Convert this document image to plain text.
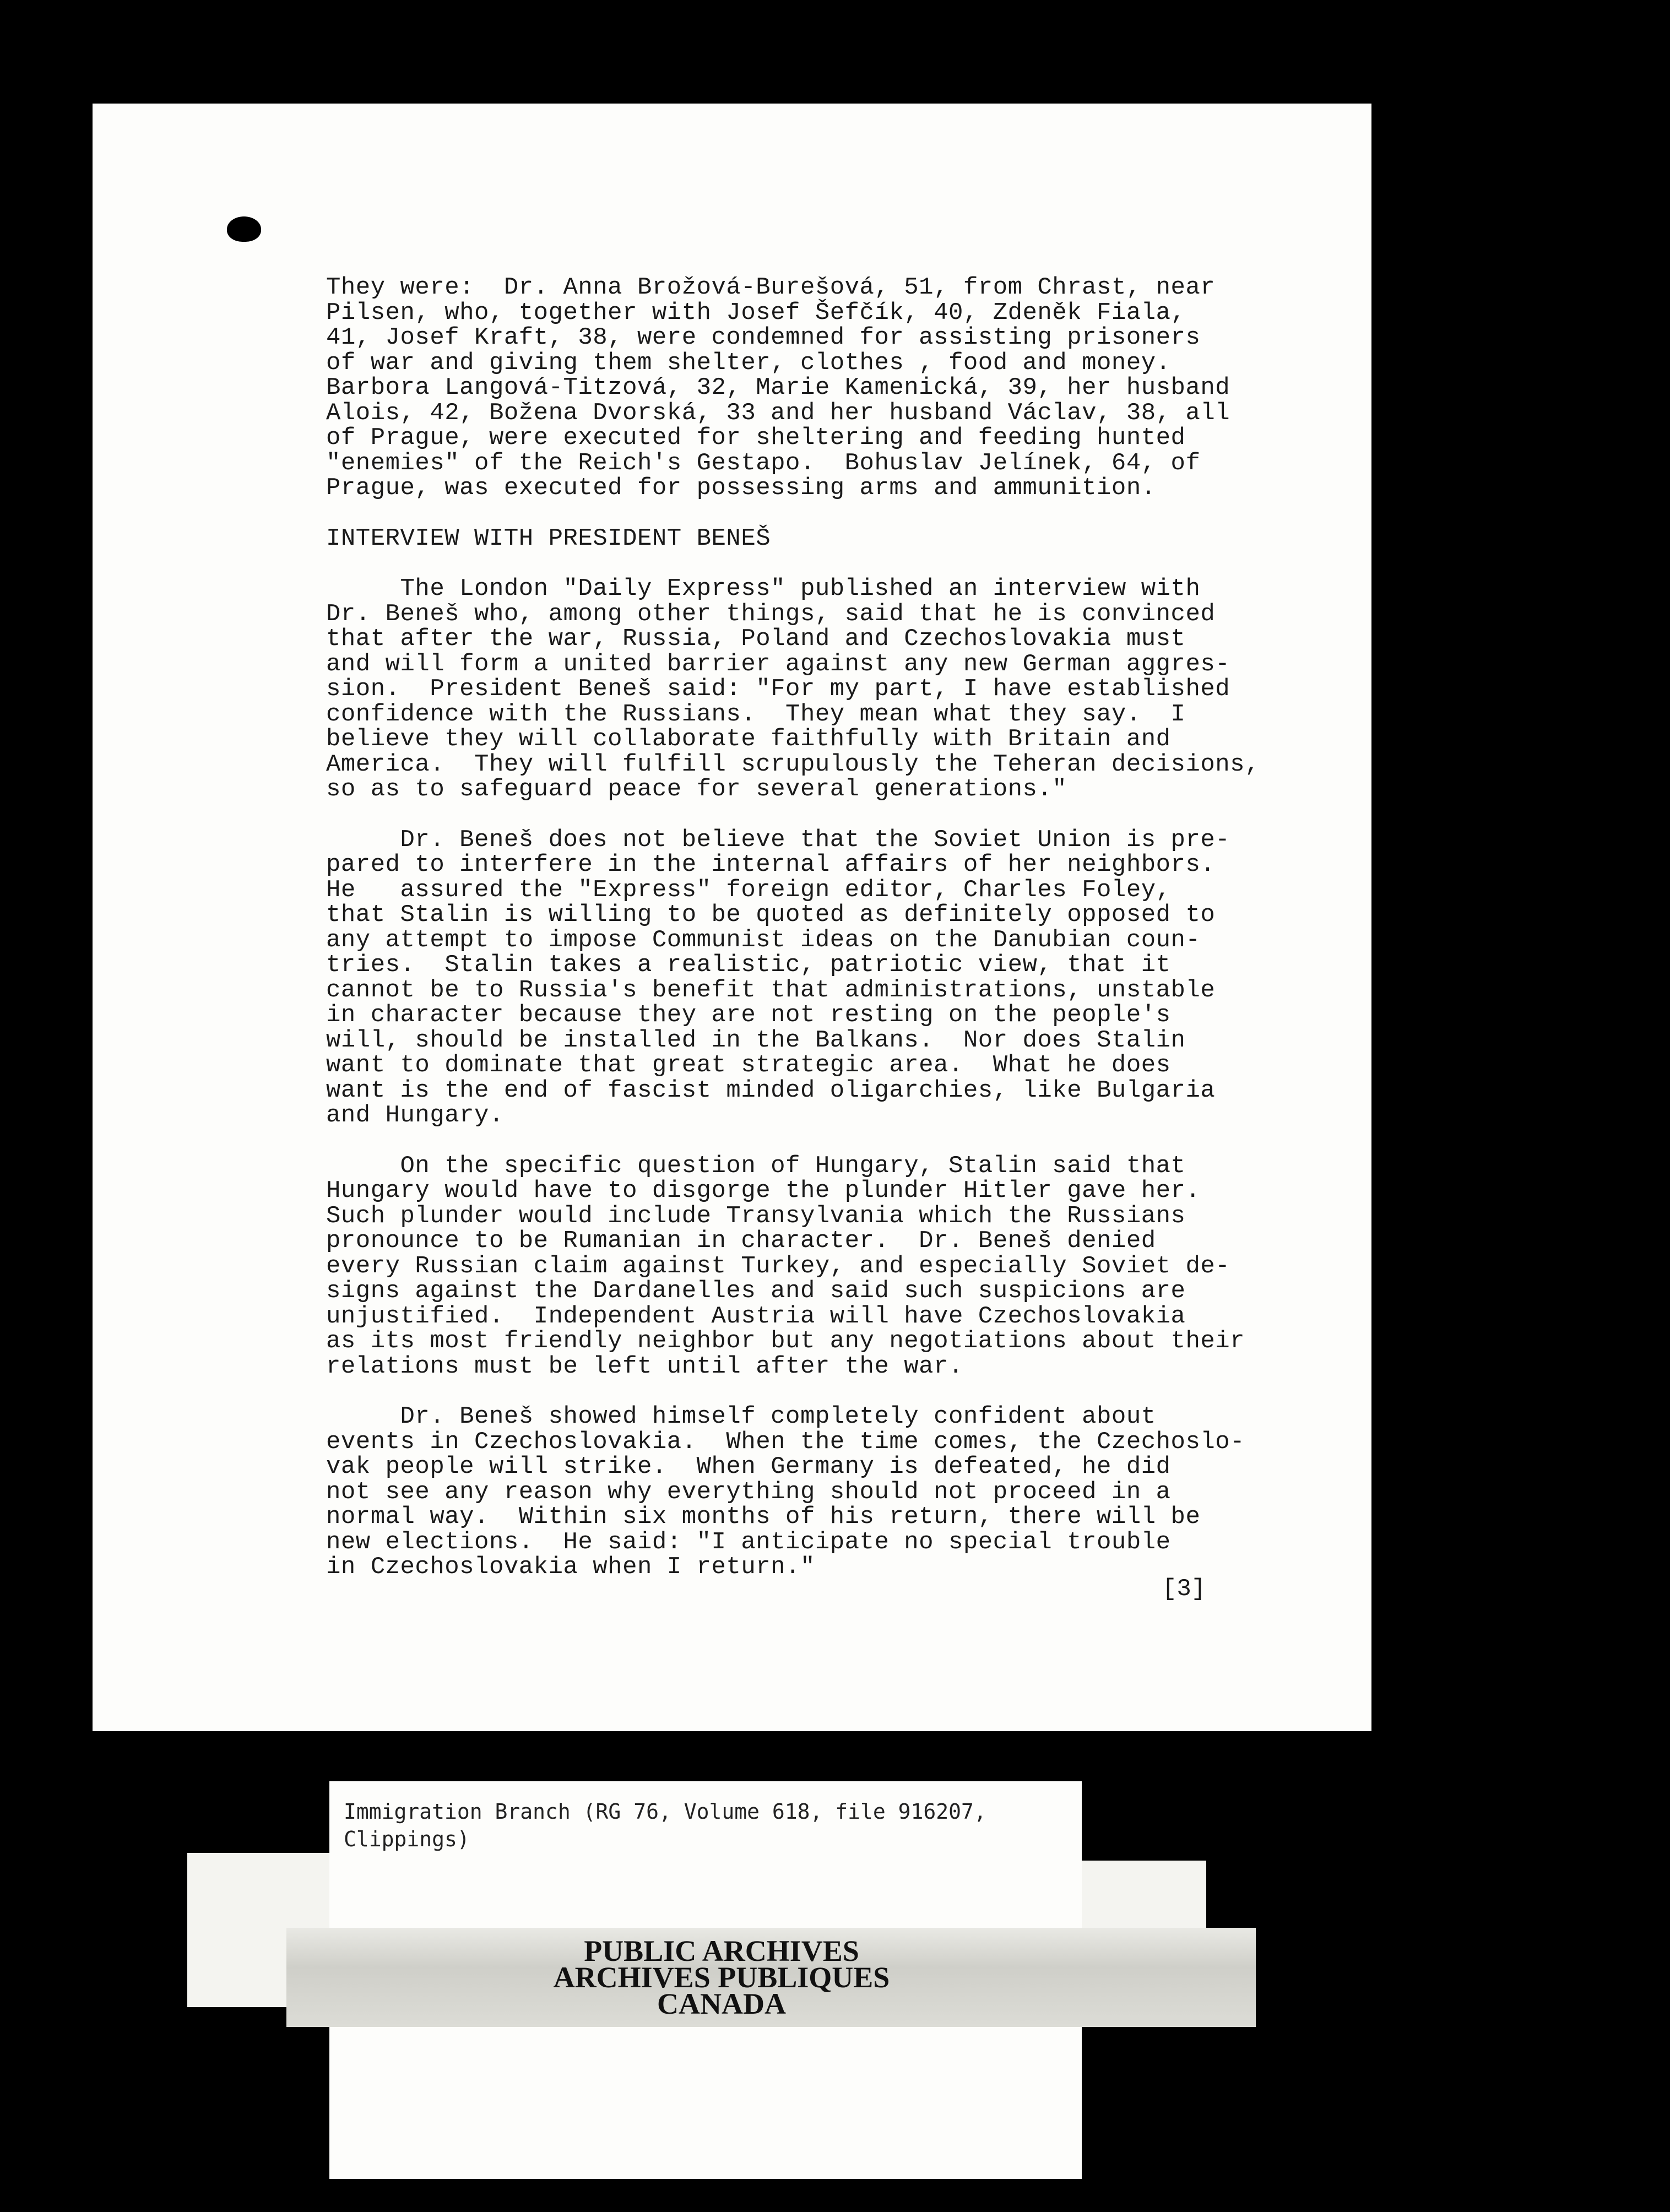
They were:  Dr. Anna Brožová-Burešová, 51, from Chrast, near
Pilsen, who, together with Josef Šefčík, 40, Zdeněk Fiala,
41, Josef Kraft, 38, were condemned for assisting prisoners
of war and giving them shelter, clothes , food and money.
Barbora Langová-Titzová, 32, Marie Kamenická, 39, her husband
Alois, 42, Božena Dvorská, 33 and her husband Václav, 38, all
of Prague, were executed for sheltering and feeding hunted
"enemies" of the Reich's Gestapo.  Bohuslav Jelínek, 64, of
Prague, was executed for possessing arms and ammunition.

INTERVIEW WITH PRESIDENT BENEŠ

The London "Daily Express" published an interview with
Dr. Beneš who, among other things, said that he is convinced
that after the war, Russia, Poland and Czechoslovakia must
and will form a united barrier against any new German aggres-
sion.  President Beneš said: "For my part, I have established
confidence with the Russians.  They mean what they say.  I
believe they will collaborate faithfully with Britain and
America.  They will fulfill scrupulously the Teheran decisions,
so as to safeguard peace for several generations."

Dr. Beneš does not believe that the Soviet Union is pre-
pared to interfere in the internal affairs of her neighbors.
He   assured the "Express" foreign editor, Charles Foley,
that Stalin is willing to be quoted as definitely opposed to
any attempt to impose Communist ideas on the Danubian coun-
tries.  Stalin takes a realistic, patriotic view, that it
cannot be to Russia's benefit that administrations, unstable
in character because they are not resting on the people's
will, should be installed in the Balkans.  Nor does Stalin
want to dominate that great strategic area.  What he does
want is the end of fascist minded oligarchies, like Bulgaria
and Hungary.

On the specific question of Hungary, Stalin said that
Hungary would have to disgorge the plunder Hitler gave her.
Such plunder would include Transylvania which the Russians
pronounce to be Rumanian in character.  Dr. Beneš denied
every Russian claim against Turkey, and especially Soviet de-
signs against the Dardanelles and said such suspicions are
unjustified.  Independent Austria will have Czechoslovakia
as its most friendly neighbor but any negotiations about their
relations must be left until after the war.

Dr. Beneš showed himself completely confident about
events in Czechoslovakia.  When the time comes, the Czechoslo-
vak people will strike.  When Germany is defeated, he did
not see any reason why everything should not proceed in a
normal way.  Within six months of his return, there will be
new elections.  He said: "I anticipate no special trouble
in Czechoslovakia when I return."

[3]
Immigration Branch (RG 76, Volume 618, file 916207,
Clippings)
PUBLIC ARCHIVES
ARCHIVES PUBLIQUES
CANADA
